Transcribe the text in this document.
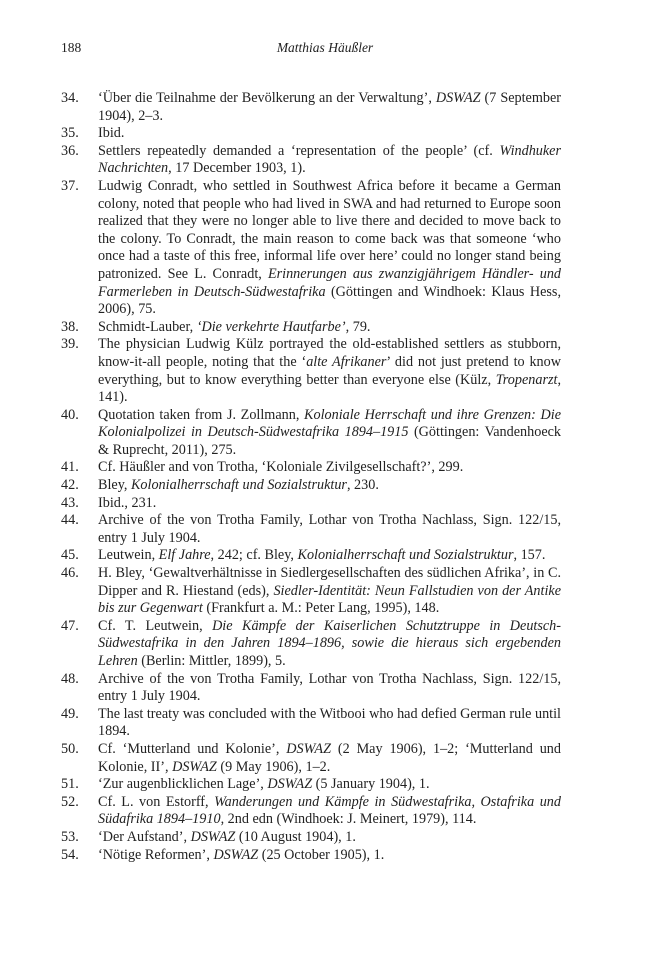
188	Matthias Häußler
34.	‘Über die Teilnahme der Bevölkerung an der Verwaltung’, DSWAZ (7 September 1904), 2–3.
35.	Ibid.
36.	Settlers repeatedly demanded a ‘representation of the people’ (cf. Windhuker Nachrichten, 17 December 1903, 1).
37.	Ludwig Conradt, who settled in Southwest Africa before it became a German colony, noted that people who had lived in SWA and had returned to Europe soon realized that they were no longer able to live there and decided to move back to the colony. To Conradt, the main reason to come back was that someone ‘who once had a taste of this free, informal life over here’ could no longer stand being patronized. See L. Conradt, Erinnerungen aus zwanzigjährigem Händler- und Farmerleben in Deutsch-Südwestafrika (Göttingen and Windhoek: Klaus Hess, 2006), 75.
38.	Schmidt-Lauber, ‘Die verkehrte Hautfarbe’, 79.
39.	The physician Ludwig Külz portrayed the old-established settlers as stubborn, know-it-all people, noting that the ‘alte Afrikaner’ did not just pretend to know everything, but to know everything better than everyone else (Külz, Tropenarzt, 141).
40.	Quotation taken from J. Zollmann, Koloniale Herrschaft und ihre Grenzen: Die Kolonialpolizei in Deutsch-Südwestafrika 1894–1915 (Göttingen: Vandenhoeck & Ruprecht, 2011), 275.
41.	Cf. Häußler and von Trotha, ‘Koloniale Zivilgesellschaft?’, 299.
42.	Bley, Kolonialherrschaft und Sozialstruktur, 230.
43.	Ibid., 231.
44.	Archive of the von Trotha Family, Lothar von Trotha Nachlass, Sign. 122/15, entry 1 July 1904.
45.	Leutwein, Elf Jahre, 242; cf. Bley, Kolonialherrschaft und Sozialstruktur, 157.
46.	H. Bley, ‘Gewaltverhältnisse in Siedlergesellschaften des südlichen Afrika’, in C. Dipper and R. Hiestand (eds), Siedler-Identität: Neun Fallstudien von der Antike bis zur Gegenwart (Frankfurt a. M.: Peter Lang, 1995), 148.
47.	Cf. T. Leutwein, Die Kämpfe der Kaiserlichen Schutztruppe in Deutsch-Südwestafrika in den Jahren 1894–1896, sowie die hieraus sich ergebenden Lehren (Berlin: Mittler, 1899), 5.
48.	Archive of the von Trotha Family, Lothar von Trotha Nachlass, Sign. 122/15, entry 1 July 1904.
49.	The last treaty was concluded with the Witbooi who had defied German rule until 1894.
50.	Cf. ‘Mutterland und Kolonie’, DSWAZ (2 May 1906), 1–2; ‘Mutterland und Kolonie, II’, DSWAZ (9 May 1906), 1–2.
51.	‘Zur augenblicklichen Lage’, DSWAZ (5 January 1904), 1.
52.	Cf. L. von Estorff, Wanderungen und Kämpfe in Südwestafrika, Ostafrika und Südafrika 1894–1910, 2nd edn (Windhoek: J. Meinert, 1979), 114.
53.	‘Der Aufstand’, DSWAZ (10 August 1904), 1.
54.	‘Nötige Reformen’, DSWAZ (25 October 1905), 1.
